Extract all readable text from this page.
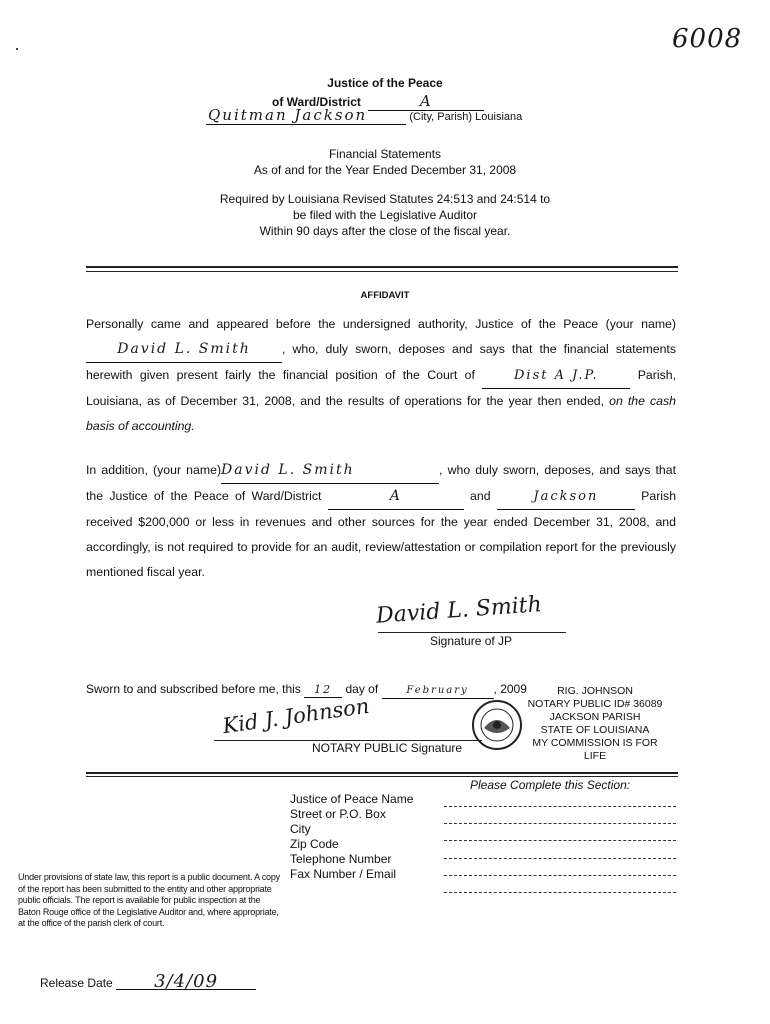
6008
Justice of the Peace
of Ward/District	A
Quitman Jackson	(City, Parish) Louisiana
Financial Statements
As of and for the Year Ended December 31, 2008
Required by Louisiana Revised Statutes 24:513 and 24:514 to
be filed with the Legislative Auditor
Within 90 days after the close of the fiscal year.
AFFIDAVIT
Personally came and appeared before the undersigned authority, Justice of the Peace (your name) David L. Smith	, who, duly sworn, deposes and says that the financial statements herewith given present fairly the financial position of the Court of	Dist A J.P.	Parish, Louisiana, as of December 31, 2008, and the results of operations for the year then ended, on the cash basis of accounting.
In addition, (your name)David L. Smith	, who duly sworn, deposes, and says that the Justice of the Peace of Ward/District	A	and	Jackson	Parish received $200,000 or less in revenues and other sources for the year ended December 31, 2008, and accordingly, is not required to provide for an audit, review/attestation or compilation report for the previously mentioned fiscal year.
David L. Smith
Signature of JP
Sworn to and subscribed before me, this 12 day of	February , 2009
Kid J. Johnson
NOTARY PUBLIC Signature
RIG. JOHNSON
NOTARY PUBLIC ID# 36089
JACKSON PARISH
STATE OF LOUISIANA
MY COMMISSION IS FOR LIFE
Please Complete this Section:
Justice of Peace Name
Street or P.O. Box
City
Zip Code
Telephone Number
Fax Number / Email
Under provisions of state law, this report is a public document. A copy of the report has been submitted to the entity and other appropriate public officials. The report is available for public inspection at the Baton Rouge office of the Legislative Auditor and, where appropriate, at the office of the parish clerk of court.
Release Date 3/4/09
